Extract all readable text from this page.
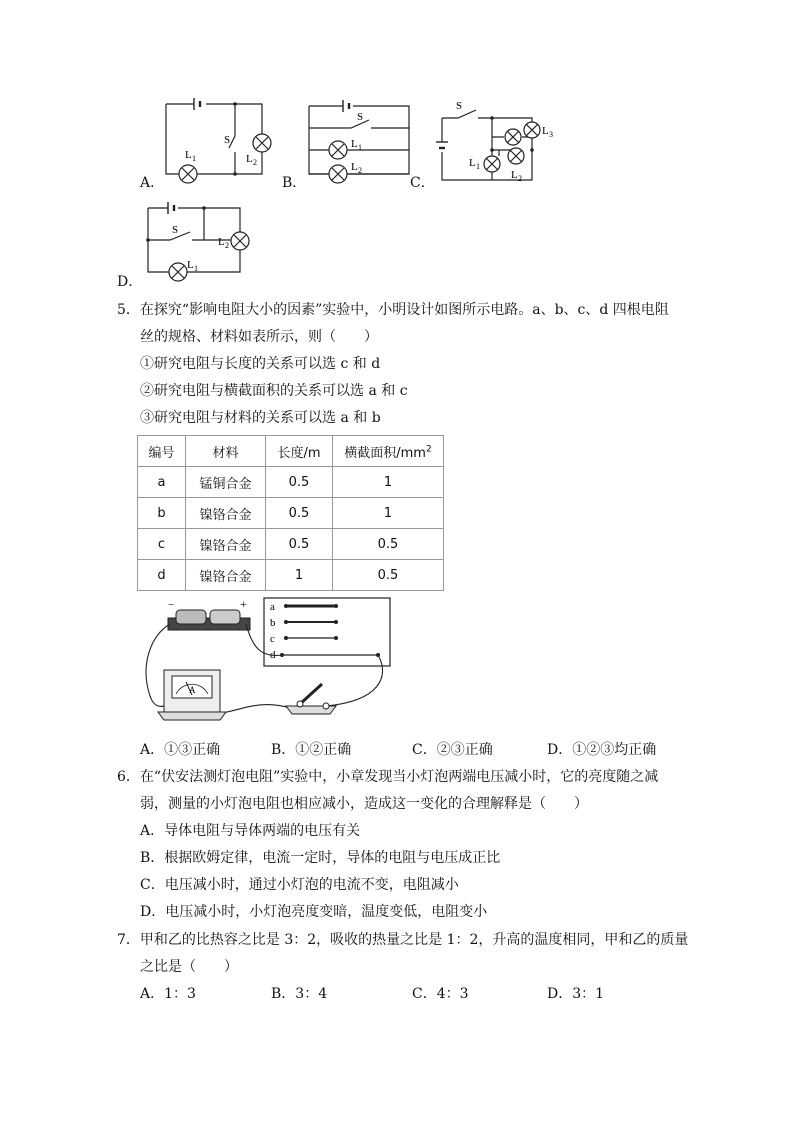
A．
S
L 1	L 2
B．
S
L 1
L 2
C．
S
L 1
L 2
L 3
D．
S
L 2
L 1
5．在探究“影响电阻大小的因素”实验中，小明设计如图所示电路。a、b、c、d 四根电阻
丝的规格、材料如表所示，则（　　）
①研究电阻与长度的关系可以选 c 和 d
②研究电阻与横截面积的关系可以选 a 和 c
③研究电阻与材料的关系可以选 a 和 b
编号	材料	长度/m	横截面积$/mm^2$
a	锰铜合金	0.5	1
b	镍铬合金	0.5	1
c	镍铬合金	0.5	0.5
d	镍铬合金	1	0.5
−	+ a
b
c
d
A
A．①③正确	B．①②正确	C．②③正确	D．①②③均正确
6．在“伏安法测灯泡电阻”实验中，小章发现当小灯泡两端电压减小时，它的亮度随之减
弱，测量的小灯泡电阻也相应减小，造成这一变化的合理解释是（　　）
A．导体电阻与导体两端的电压有关
B．根据欧姆定律，电流一定时，导体的电阻与电压成正比
C．电压减小时，通过小灯泡的电流不变，电阻减小
D．电压减小时，小灯泡亮度变暗，温度变低，电阻变小
7．甲和乙的比热容之比是 3：2，吸收的热量之比是 1：2，升高的温度相同，甲和乙的质量
之比是（　　）
A．1：3	B．3：4	C．4：3	D．3：1
